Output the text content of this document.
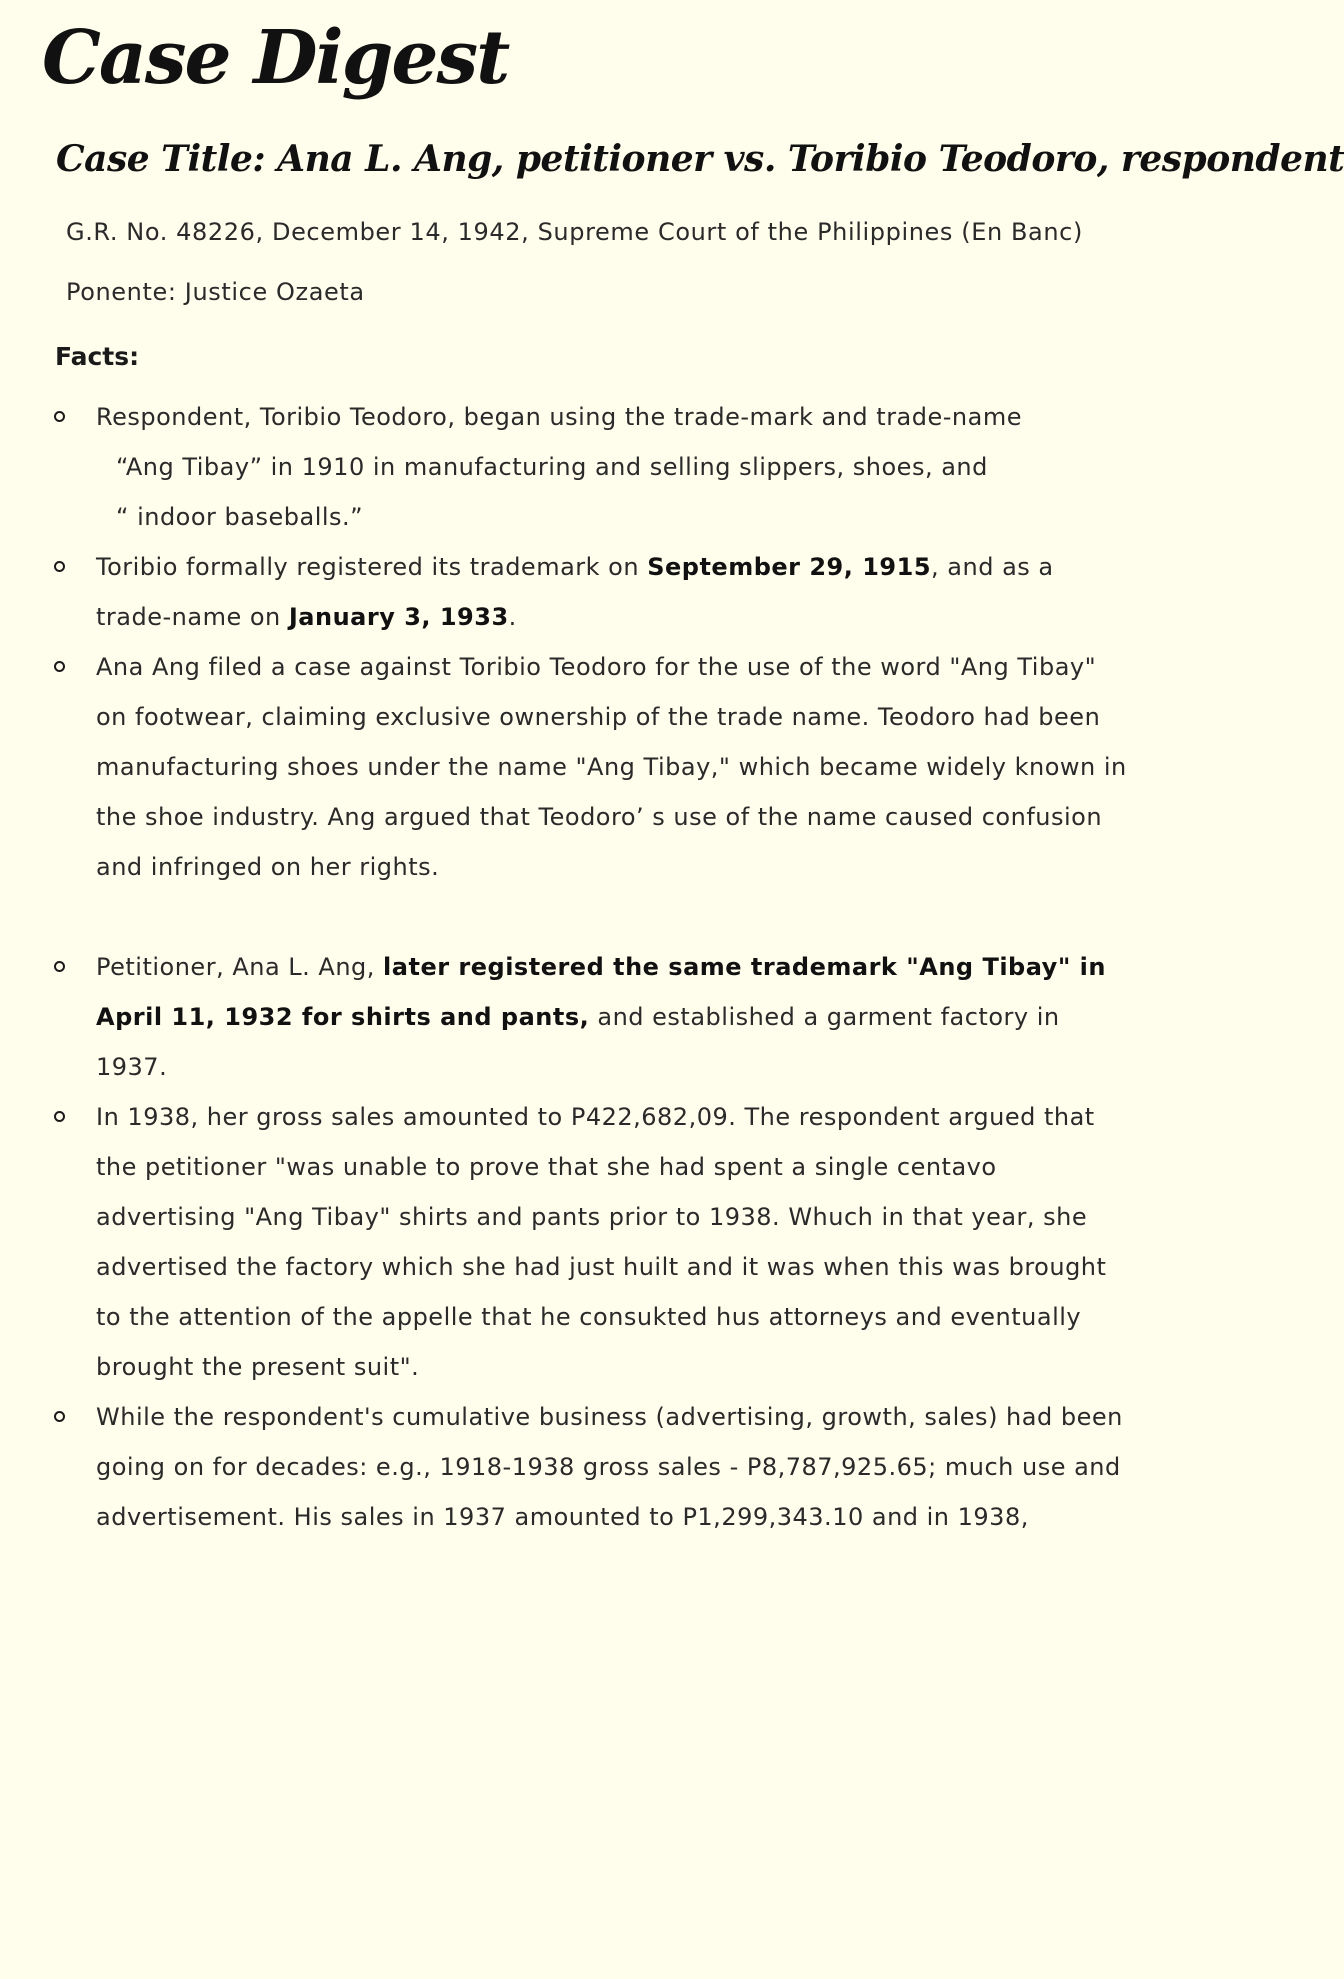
Case Digest
Case Title: Ana L. Ang, petitioner vs. Toribio Teodoro, respondent

G.R. No. 48226, December 14, 1942, Supreme Court of the Philippines (En Banc)

Ponente: Justice Ozaeta

Facts:
Respondent, Toribio Teodoro, began using the trade-mark and trade-name
“Ang Tibay” in 1910 in manufacturing and selling slippers, shoes, and
“ indoor baseballs.”
Toribio formally registered its trademark on September 29, 1915, and as a trade-name on January 3, 1933.
Ana Ang filed a case against Toribio Teodoro for the use of the word "Ang Tibay" on footwear, claiming exclusive ownership of the trade name. Teodoro had been manufacturing shoes under the name "Ang Tibay," which became widely known in the shoe industry. Ang argued that Teodoro’ s use of the name caused confusion and infringed on her rights.
Petitioner, Ana L. Ang, later registered the same trademark "Ang Tibay" in April 11, 1932 for shirts and pants, and established a garment factory in 1937.
In 1938, her gross sales amounted to P422,682,09. The respondent argued that the petitioner "was unable to prove that she had spent a single centavo advertising "Ang Tibay" shirts and pants prior to 1938. Whuch in that year, she advertised the factory which she had just huilt and it was when this was brought to the attention of the appelle that he consukted hus attorneys and eventually brought the present suit".
While the respondent's cumulative business (advertising, growth, sales) had been going on for decades: e.g., 1918-1938 gross sales - P8,787,925.65; much use and advertisement. His sales in 1937 amounted to P1,299,343.10 and in 1938,
